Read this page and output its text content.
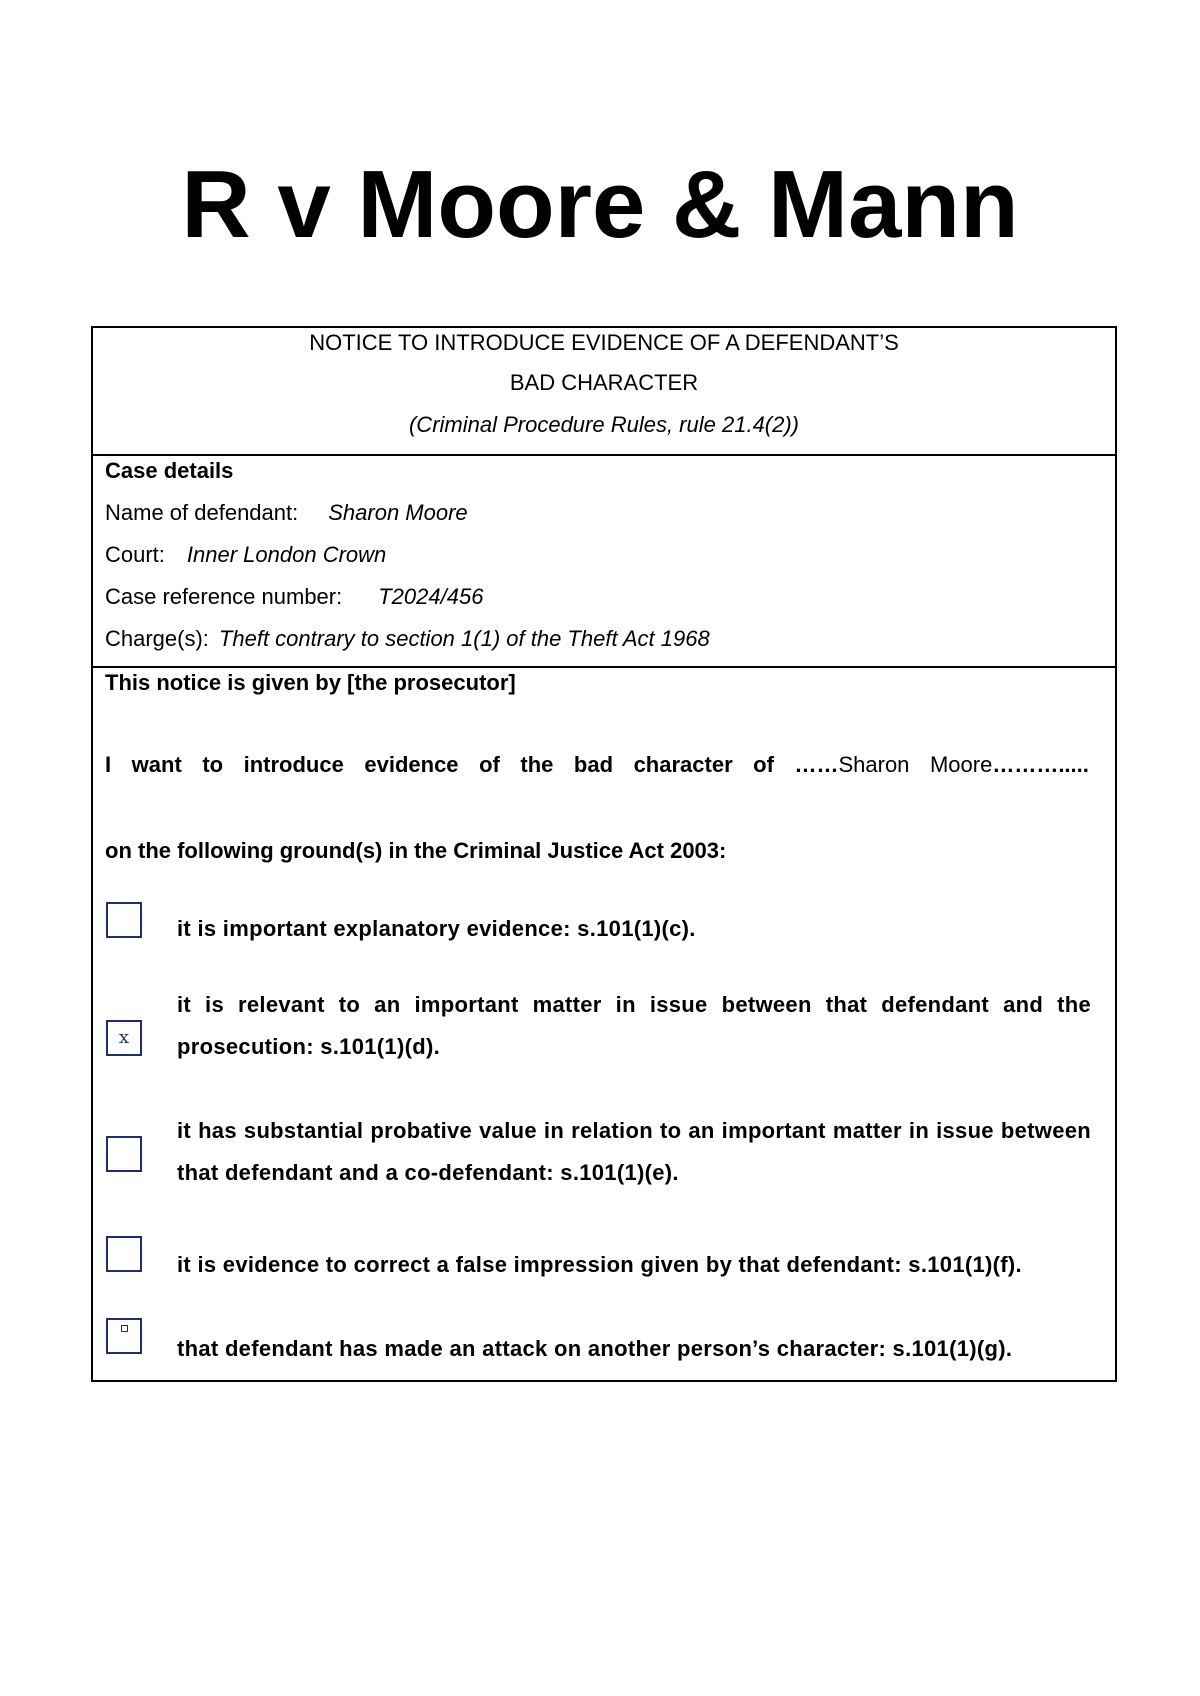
R v Moore & Mann
NOTICE TO INTRODUCE EVIDENCE OF A DEFENDANT’S
BAD CHARACTER
(Criminal Procedure Rules, rule 21.4(2))
Case details
Name of defendant: Sharon Moore
Court: Inner London Crown
Case reference number: T2024/456
Charge(s): Theft contrary to section 1(1) of the Theft Act 1968
This notice is given by [the prosecutor]
I want to introduce evidence of the bad character of ……Sharon Moore……….....
on the following ground(s) in the Criminal Justice Act 2003:
it is important explanatory evidence: s.101(1)(c).
x
it is relevant to an important matter in issue between that defendant and the prosecution: s.101(1)(d).
it has substantial probative value in relation to an important matter in issue between that defendant and a co-defendant: s.101(1)(e).
it is evidence to correct a false impression given by that defendant: s.101(1)(f).
that defendant has made an attack on another person’s character: s.101(1)(g).
